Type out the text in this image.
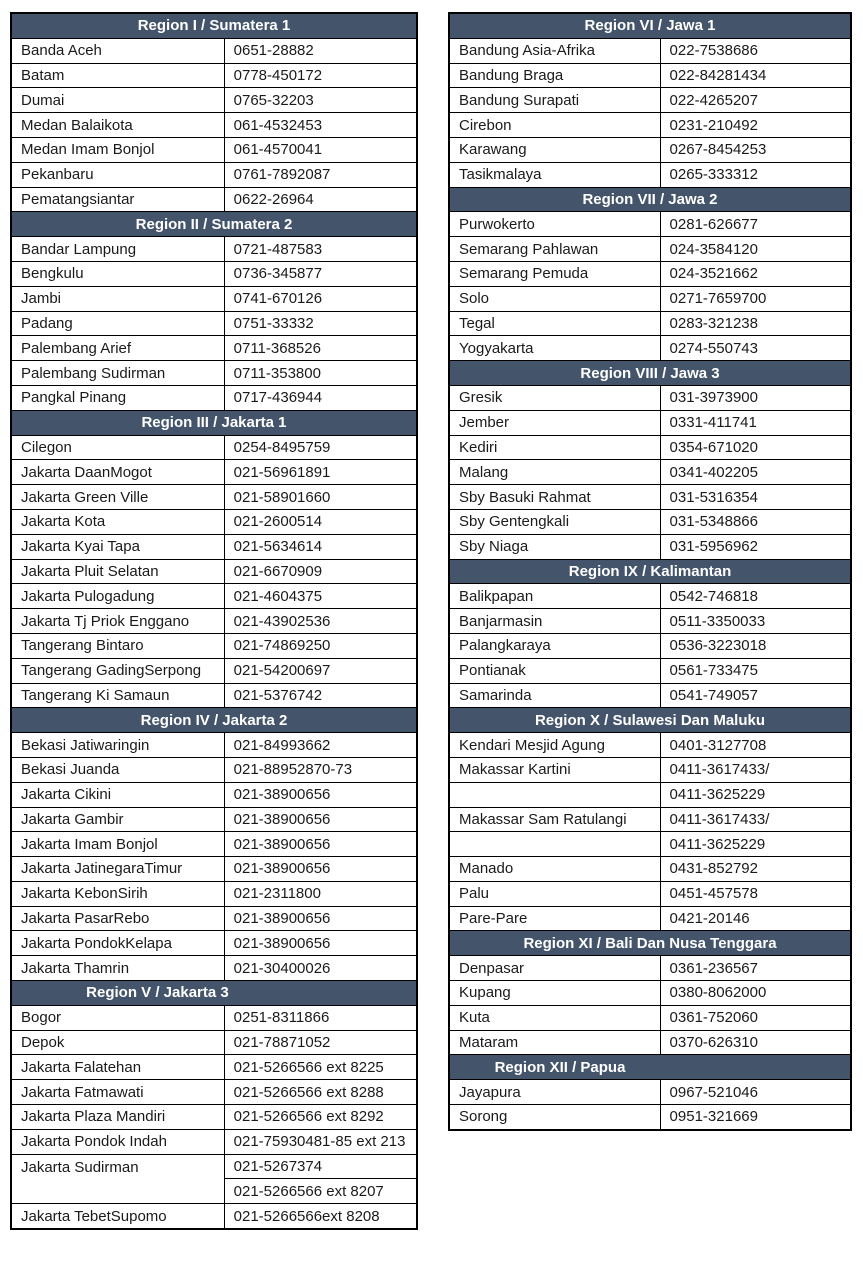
Region I / Sumatera 1	

Banda Aceh	0651-28882
Batam	0778-450172
Dumai	0765-32203
Medan Balaikota	061-4532453
Medan Imam Bonjol	061-4570041
Pekanbaru	0761-7892087
Pematangsiantar	0622-26964

Region II / Sumatera 2	

Bandar Lampung	0721-487583
Bengkulu	0736-345877
Jambi	0741-670126
Padang	0751-33332
Palembang Arief	0711-368526
Palembang Sudirman	0711-353800
Pangkal Pinang	0717-436944

Region III / Jakarta 1	

Cilegon	0254-8495759
Jakarta DaanMogot	021-56961891
Jakarta Green Ville	021-58901660
Jakarta Kota	021-2600514
Jakarta Kyai Tapa	021-5634614
Jakarta Pluit Selatan	021-6670909
Jakarta Pulogadung	021-4604375
Jakarta Tj Priok Enggano	021-43902536
Tangerang Bintaro	021-74869250
Tangerang GadingSerpong	021-54200697
Tangerang Ki Samaun	021-5376742

Region IV / Jakarta 2	

Bekasi Jatiwaringin	021-84993662
Bekasi Juanda	021-88952870-73
Jakarta Cikini	021-38900656
Jakarta Gambir	021-38900656
Jakarta Imam Bonjol	021-38900656
Jakarta JatinegaraTimur	021-38900656
Jakarta KebonSirih	021-2311800
Jakarta PasarRebo	021-38900656
Jakarta PondokKelapa	021-38900656
Jakarta Thamrin	021-30400026

Region V / Jakarta 3	

Bogor	0251-8311866
Depok	021-78871052
Jakarta Falatehan	021-5266566 ext 8225
Jakarta Fatmawati	021-5266566 ext 8288
Jakarta Plaza Mandiri	021-5266566 ext 8292
Jakarta Pondok Indah	021-75930481-85 ext 213
Jakarta Sudirman	021-5267374
	021-5266566 ext 8207
Jakarta TebetSupomo	021-5266566ext 8208
Region VI / Jawa 1	

Bandung Asia-Afrika	022-7538686
Bandung Braga	022-84281434
Bandung Surapati	022-4265207
Cirebon	0231-210492
Karawang	0267-8454253
Tasikmalaya	0265-333312

Region VII / Jawa 2	

Purwokerto	0281-626677
Semarang Pahlawan	024-3584120
Semarang Pemuda	024-3521662
Solo	0271-7659700
Tegal	0283-321238
Yogyakarta	0274-550743

Region VIII / Jawa 3	

Gresik	031-3973900
Jember	0331-411741
Kediri	0354-671020
Malang	0341-402205
Sby Basuki Rahmat	031-5316354
Sby Gentengkali	031-5348866
Sby Niaga	031-5956962

Region IX / Kalimantan	

Balikpapan	0542-746818
Banjarmasin	0511-3350033
Palangkaraya	0536-3223018
Pontianak	0561-733475
Samarinda	0541-749057

Region X / Sulawesi Dan Maluku	

Kendari Mesjid Agung	0401-3127708
Makassar Kartini	0411-3617433/
	0411-3625229
Makassar Sam Ratulangi	0411-3617433/
	0411-3625229
Manado	0431-852792
Palu	0451-457578
Pare-Pare	0421-20146

Region XI / Bali Dan Nusa Tenggara	

Denpasar	0361-236567
Kupang	0380-8062000
Kuta	0361-752060
Mataram	0370-626310

Region XII / Papua	

Jayapura	0967-521046
Sorong	0951-321669
